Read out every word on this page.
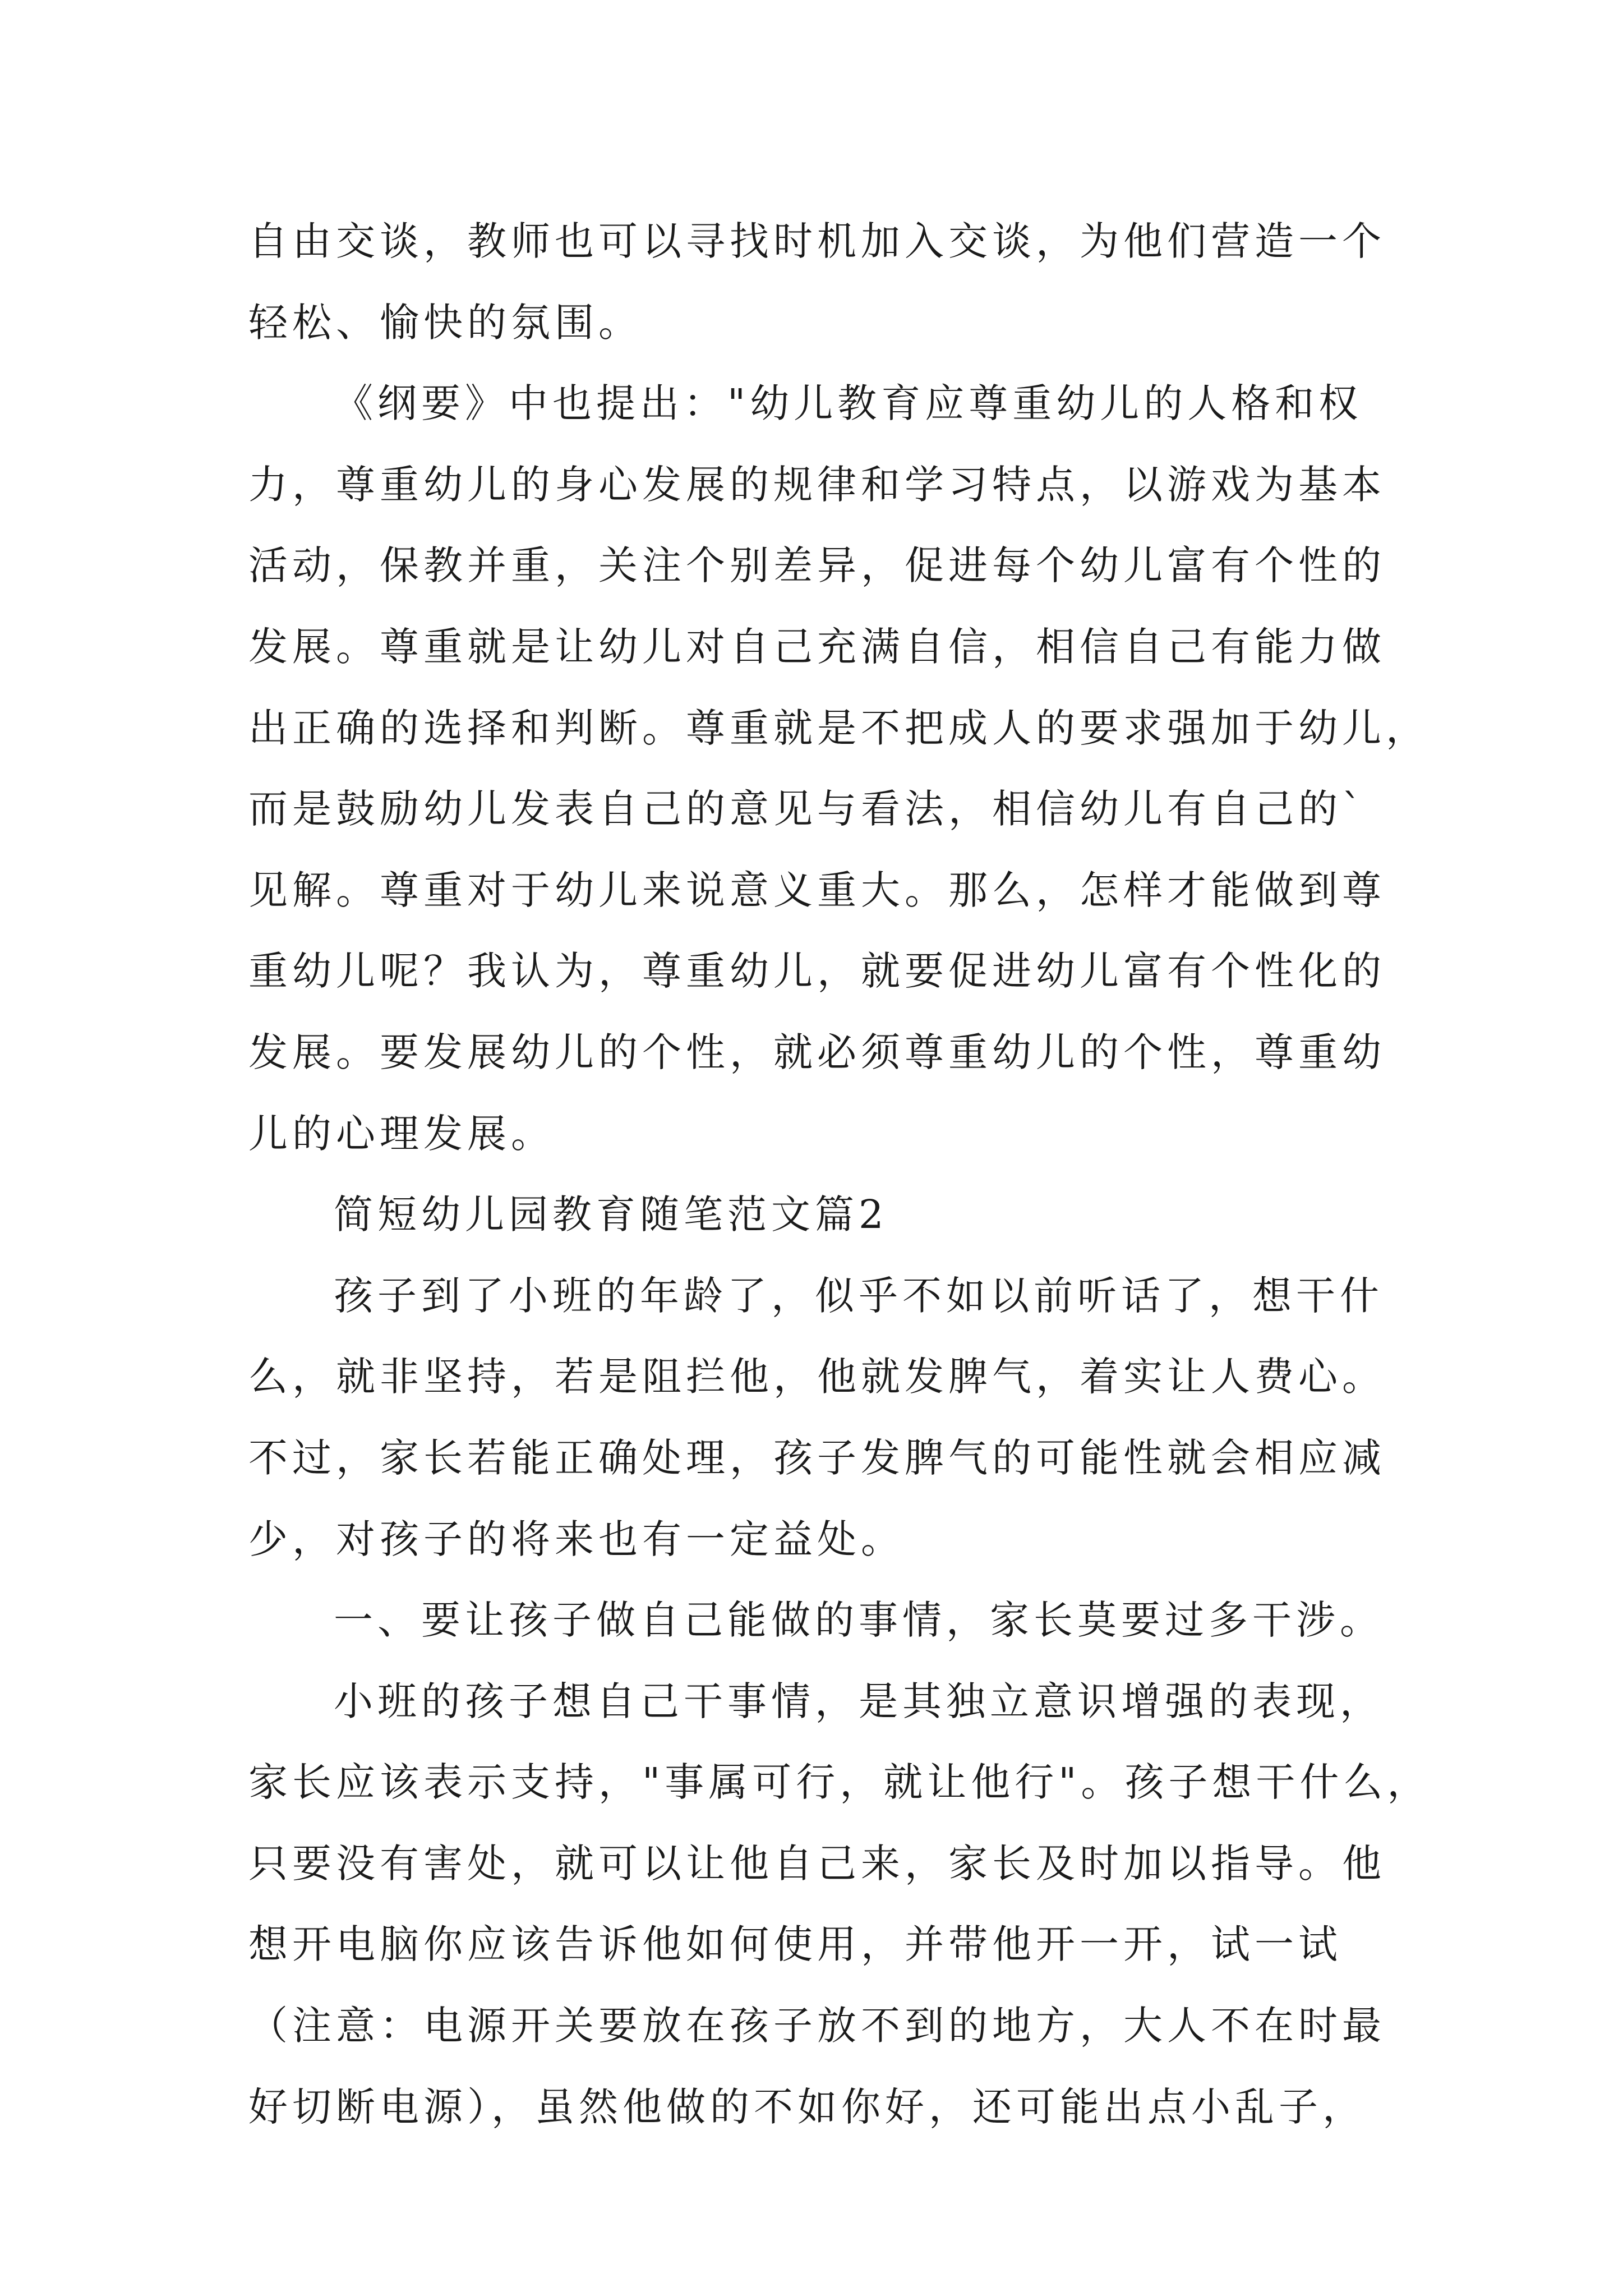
自由交谈，教师也可以寻找时机加入交谈，为他们营造一个
轻松、愉快的氛围。
《纲要》中也提出："幼儿教育应尊重幼儿的人格和权
力，尊重幼儿的身心发展的规律和学习特点，以游戏为基本
活动，保教并重，关注个别差异，促进每个幼儿富有个性的
发展。尊重就是让幼儿对自己充满自信，相信自己有能力做
出正确的选择和判断。尊重就是不把成人的要求强加于幼儿，
而是鼓励幼儿发表自己的意见与看法，相信幼儿有自己的`
见解。尊重对于幼儿来说意义重大。那么，怎样才能做到尊
重幼儿呢？我认为，尊重幼儿，就要促进幼儿富有个性化的
发展。要发展幼儿的个性，就必须尊重幼儿的个性，尊重幼
儿的心理发展。
简短幼儿园教育随笔范文篇2
孩子到了小班的年龄了，似乎不如以前听话了，想干什
么，就非坚持，若是阻拦他，他就发脾气，着实让人费心。
不过，家长若能正确处理，孩子发脾气的可能性就会相应减
少，对孩子的将来也有一定益处。
一、要让孩子做自己能做的事情，家长莫要过多干涉。
小班的孩子想自己干事情，是其独立意识增强的表现，
家长应该表示支持，"事属可行，就让他行"。孩子想干什么，
只要没有害处，就可以让他自己来，家长及时加以指导。他
想开电脑你应该告诉他如何使用，并带他开一开，试一试
（注意：电源开关要放在孩子放不到的地方，大人不在时最
好切断电源），虽然他做的不如你好，还可能出点小乱子，
